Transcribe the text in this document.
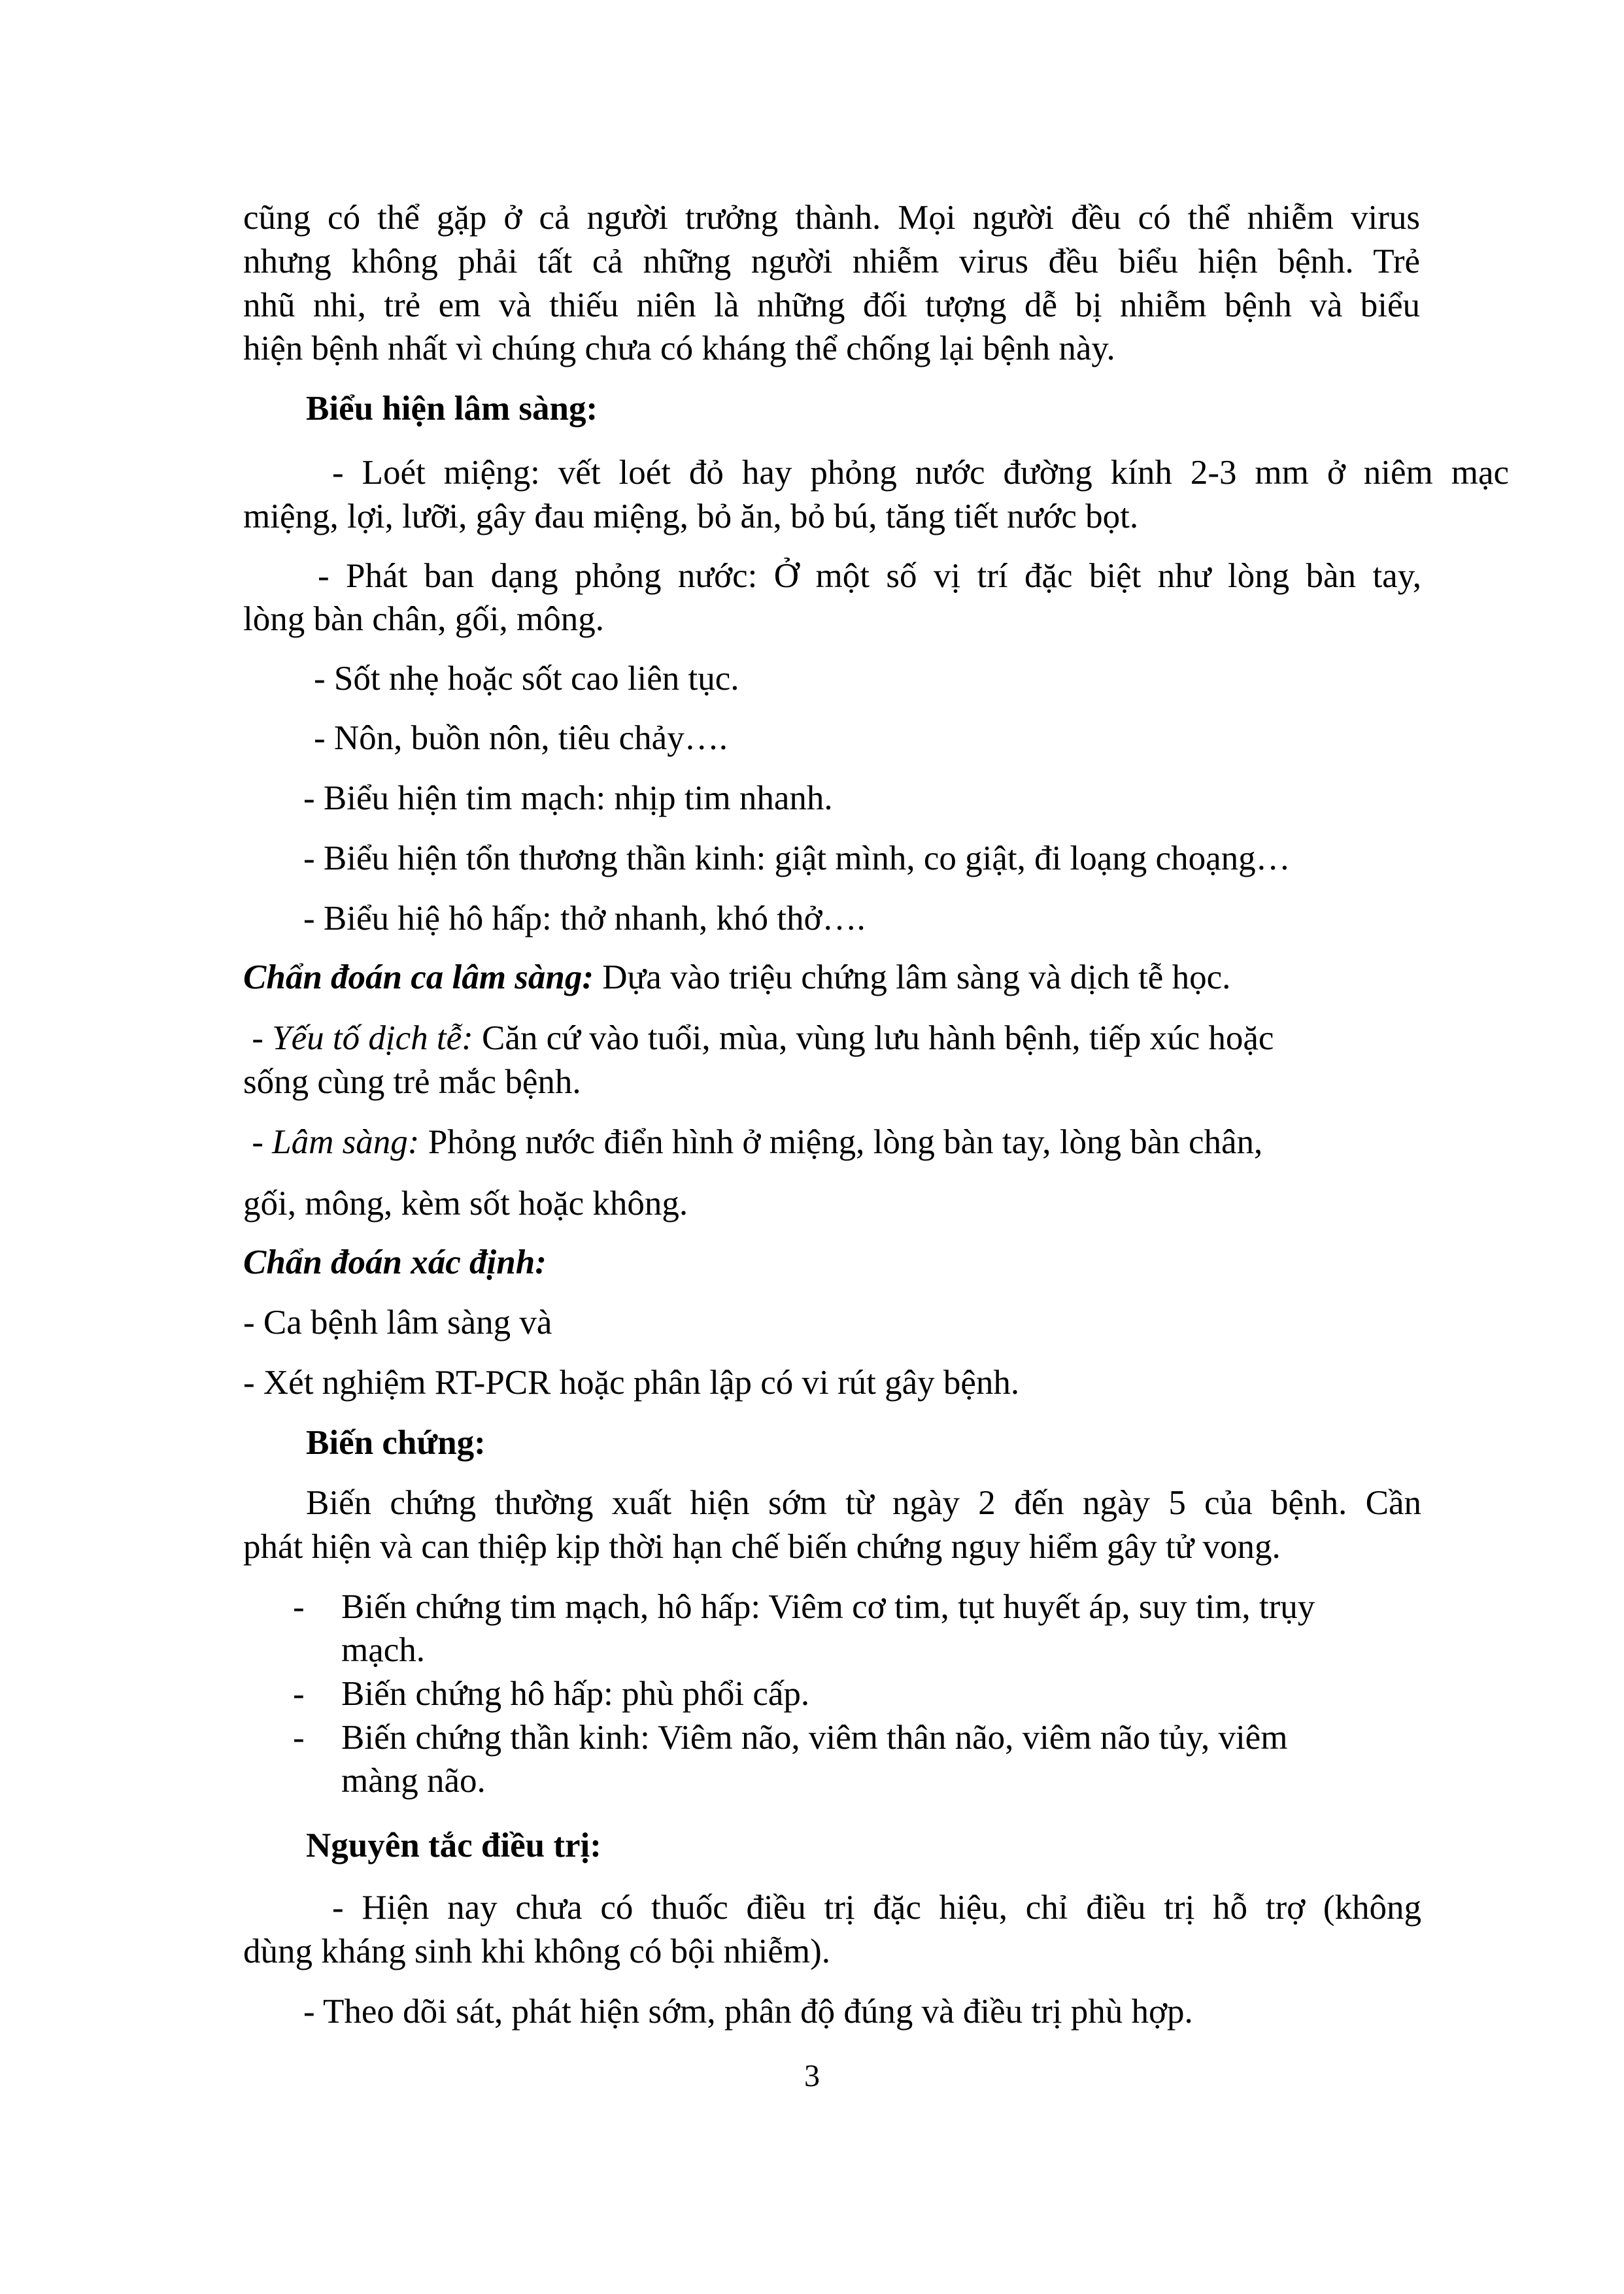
cũng có thể gặp ở cả người trưởng thành. Mọi người đều có thể nhiễm virus

nhưng không phải tất cả những người nhiễm virus đều biểu hiện bệnh. Trẻ

nhũ nhi, trẻ em và thiếu niên là những đối tượng dễ bị nhiễm bệnh và biểu

hiện bệnh nhất vì chúng chưa có kháng thể chống lại bệnh này.

Biểu hiện lâm sàng:

- Loét miệng: vết loét đỏ hay phỏng nước đường kính 2-3 mm ở niêm mạc

miệng, lợi, lưỡi, gây đau miệng, bỏ ăn, bỏ bú, tăng tiết nước bọt.

- Phát ban dạng phỏng nước: Ở một số vị trí đặc biệt như lòng bàn tay,

lòng bàn chân, gối, mông.

- Sốt nhẹ hoặc sốt cao liên tục.

- Nôn, buồn nôn, tiêu chảy….

- Biểu hiện tim mạch: nhịp tim nhanh.

- Biểu hiện tổn thương thần kinh: giật mình, co giật, đi loạng choạng…

- Biểu hiệ hô hấp: thở nhanh, khó thở….

Chẩn đoán ca lâm sàng: Dựa vào triệu chứng lâm sàng và dịch tễ học.

- Yếu tố dịch tễ: Căn cứ vào tuổi, mùa, vùng lưu hành bệnh, tiếp xúc hoặc

sống cùng trẻ mắc bệnh.

- Lâm sàng: Phỏng nước điển hình ở miệng, lòng bàn tay, lòng bàn chân,

gối, mông, kèm sốt hoặc không.

Chẩn đoán xác định:

- Ca bệnh lâm sàng và

- Xét nghiệm RT-PCR hoặc phân lập có vi rút gây bệnh.

Biến chứng:

Biến chứng thường xuất hiện sớm từ ngày 2 đến ngày 5 của bệnh. Cần

phát hiện và can thiệp kịp thời hạn chế biến chứng nguy hiểm gây tử vong.

- Biến chứng tim mạch, hô hấp: Viêm cơ tim, tụt huyết áp, suy tim, trụy

mạch.

- Biến chứng hô hấp: phù phổi cấp.

- Biến chứng thần kinh: Viêm não, viêm thân não, viêm não tủy, viêm

màng não.

Nguyên tắc điều trị:

- Hiện nay chưa có thuốc điều trị đặc hiệu, chỉ điều trị hỗ trợ (không

dùng kháng sinh khi không có bội nhiễm).

- Theo dõi sát, phát hiện sớm, phân độ đúng và điều trị phù hợp.

3
